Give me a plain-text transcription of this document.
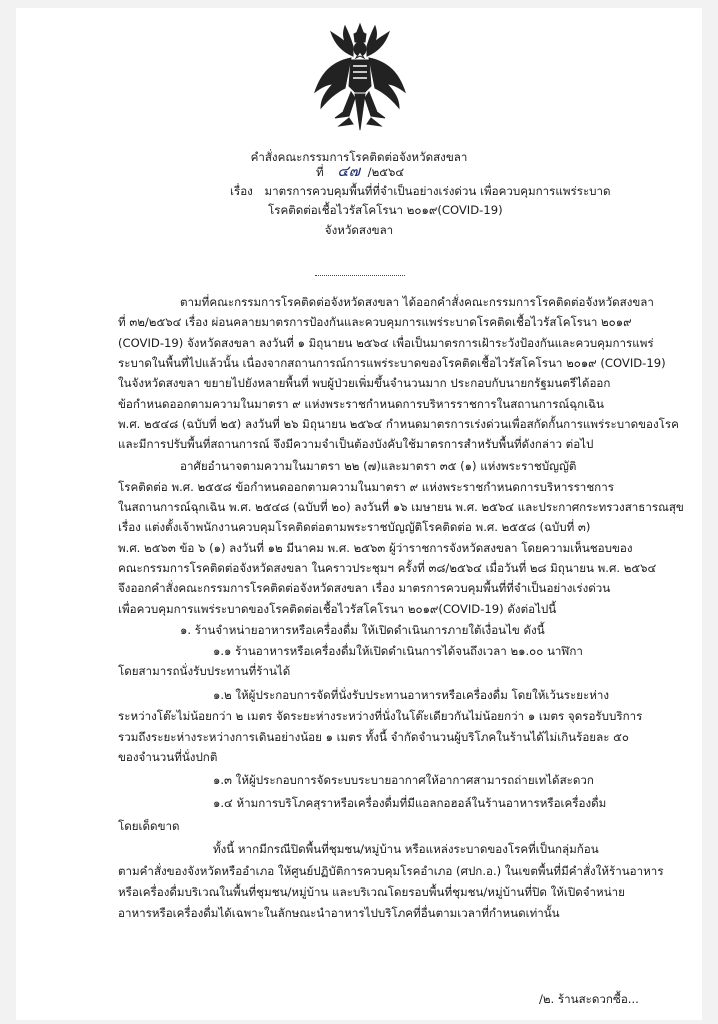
คำสั่งคณะกรรมการโรคติดต่อจังหวัดสงขลา
ที่ ๔๗ /๒๕๖๔
เรื่อง มาตรการควบคุมพื้นที่ที่จำเป็นอย่างเร่งด่วน เพื่อควบคุมการแพร่ระบาด
โรคติดต่อเชื้อไวรัสโคโรนา ๒๐๑๙(COVID-19)
จังหวัดสงขลา
ตามที่คณะกรรมการโรคติดต่อจังหวัดสงขลา ได้ออกคำสั่งคณะกรรมการโรคติดต่อจังหวัดสงขลา
ที่ ๓๒/๒๕๖๔ เรื่อง ผ่อนคลายมาตรการป้องกันและควบคุมการแพร่ระบาดโรคติดเชื้อไวรัสโคโรนา ๒๐๑๙
(COVID-19) จังหวัดสงขลา ลงวันที่ ๑ มิถุนายน ๒๕๖๔ เพื่อเป็นมาตรการเฝ้าระวังป้องกันและควบคุมการแพร่
ระบาดในพื้นที่ไปแล้วนั้น เนื่องจากสถานการณ์การแพร่ระบาดของโรคติดเชื้อไวรัสโคโรนา ๒๐๑๙ (COVID-19)
ในจังหวัดสงขลา ขยายไปยังหลายพื้นที่ พบผู้ป่วยเพิ่มขึ้นจำนวนมาก ประกอบกับนายกรัฐมนตรีได้ออก
ข้อกำหนดออกตามความในมาตรา ๙ แห่งพระราชกำหนดการบริหารราชการในสถานการณ์ฉุกเฉิน
พ.ศ. ๒๕๔๘ (ฉบับที่ ๒๕) ลงวันที่ ๒๖ มิถุนายน ๒๕๖๔ กำหนดมาตรการเร่งด่วนเพื่อสกัดกั้นการแพร่ระบาดของโรค
และมีการปรับพื้นที่สถานการณ์ จึงมีความจำเป็นต้องบังคับใช้มาตรการสำหรับพื้นที่ดังกล่าว ต่อไป
อาศัยอำนาจตามความในมาตรา ๒๒ (๗)และมาตรา ๓๕ (๑) แห่งพระราชบัญญัติ
โรคติดต่อ พ.ศ. ๒๕๕๘ ข้อกำหนดออกตามความในมาตรา ๙ แห่งพระราชกำหนดการบริหารราชการ
ในสถานการณ์ฉุกเฉิน พ.ศ. ๒๕๔๘ (ฉบับที่ ๒๐) ลงวันที่ ๑๖ เมษายน พ.ศ. ๒๕๖๔ และประกาศกระทรวงสาธารณสุข
เรื่อง แต่งตั้งเจ้าพนักงานควบคุมโรคติดต่อตามพระราชบัญญัติโรคติดต่อ พ.ศ. ๒๕๕๘ (ฉบับที่ ๓)
พ.ศ. ๒๕๖๓ ข้อ ๖ (๑) ลงวันที่ ๑๒ มีนาคม พ.ศ. ๒๕๖๓ ผู้ว่าราชการจังหวัดสงขลา โดยความเห็นชอบของ
คณะกรรมการโรคติดต่อจังหวัดสงขลา ในคราวประชุมฯ ครั้งที่ ๓๘/๒๕๖๔ เมื่อวันที่ ๒๘ มิถุนายน พ.ศ. ๒๕๖๔
จึงออกคำสั่งคณะกรรมการโรคติดต่อจังหวัดสงขลา เรื่อง มาตรการควบคุมพื้นที่ที่จำเป็นอย่างเร่งด่วน
เพื่อควบคุมการแพร่ระบาดของโรคติดต่อเชื้อไวรัสโคโรนา ๒๐๑๙(COVID-19) ดังต่อไปนี้
๑. ร้านจำหน่ายอาหารหรือเครื่องดื่ม ให้เปิดดำเนินการภายใต้เงื่อนไข ดังนี้
๑.๑ ร้านอาหารหรือเครื่องดื่มให้เปิดดำเนินการได้จนถึงเวลา ๒๑.๐๐ นาฬิกา
โดยสามารถนั่งรับประทานที่ร้านได้
๑.๒ ให้ผู้ประกอบการจัดที่นั่งรับประทานอาหารหรือเครื่องดื่ม โดยให้เว้นระยะห่าง
ระหว่างโต๊ะไม่น้อยกว่า ๒ เมตร จัดระยะห่างระหว่างที่นั่งในโต๊ะเดียวกันไม่น้อยกว่า ๑ เมตร จุดรอรับบริการ
รวมถึงระยะห่างระหว่างการเดินอย่างน้อย ๑ เมตร ทั้งนี้ จำกัดจำนวนผู้บริโภคในร้านได้ไม่เกินร้อยละ ๕๐
ของจำนวนที่นั่งปกติ
๑.๓ ให้ผู้ประกอบการจัดระบบระบายอากาศให้อากาศสามารถถ่ายเทได้สะดวก
๑.๔ ห้ามการบริโภคสุราหรือเครื่องดื่มที่มีแอลกอฮอล์ในร้านอาหารหรือเครื่องดื่ม
โดยเด็ดขาด
ทั้งนี้ หากมีกรณีปิดพื้นที่ชุมชน/หมู่บ้าน หรือแหล่งระบาดของโรคที่เป็นกลุ่มก้อน
ตามคำสั่งของจังหวัดหรืออำเภอ ให้ศูนย์ปฏิบัติการควบคุมโรคอำเภอ (ศปก.อ.) ในเขตพื้นที่มีคำสั่งให้ร้านอาหาร
หรือเครื่องดื่มบริเวณในพื้นที่ชุมชน/หมู่บ้าน และบริเวณโดยรอบพื้นที่ชุมชน/หมู่บ้านที่ปิด ให้เปิดจำหน่าย
อาหารหรือเครื่องดื่มได้เฉพาะในลักษณะนำอาหารไปบริโภคที่อื่นตามเวลาที่กำหนดเท่านั้น
/๒. ร้านสะดวกซื้อ...
